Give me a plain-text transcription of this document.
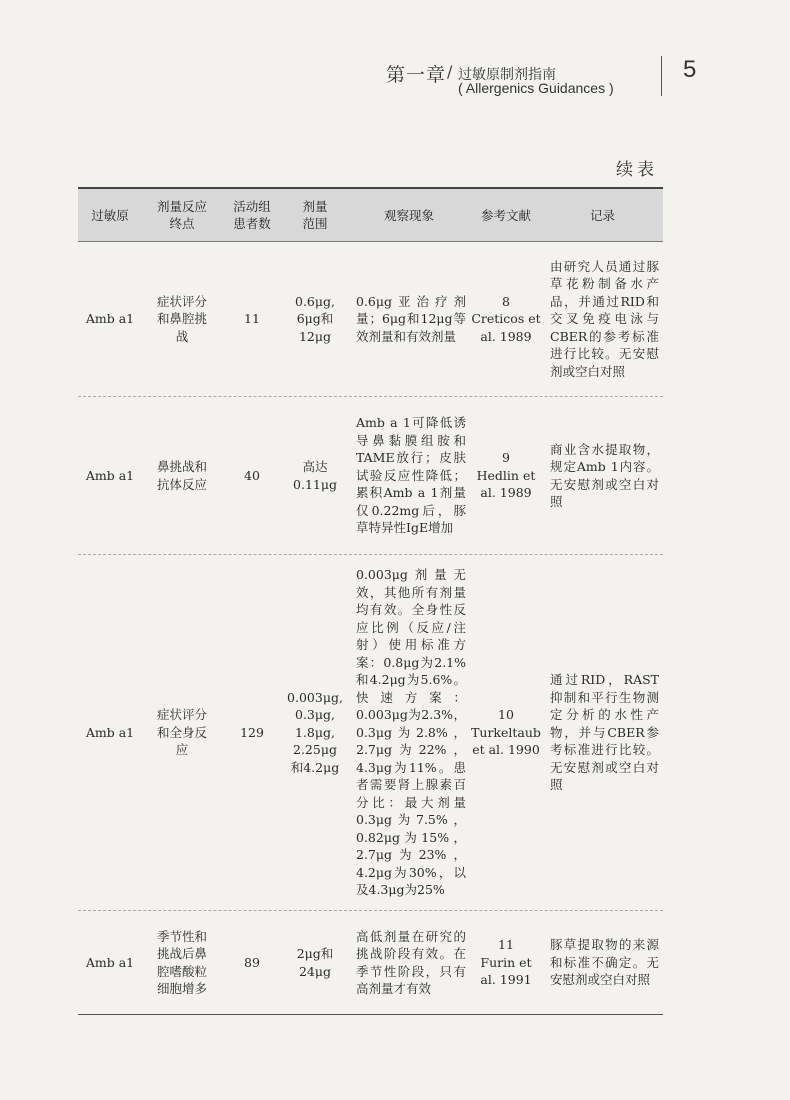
第一章 / 过敏原制剂指南
( Allergenics Guidances )
5
续表
过敏原
剂量反应
终点
活动组
患者数
剂量
范围
观察现象	参考文献	记录
Amb a1
症状评分
和鼻腔挑
战
11
0.6μg,
6μg和
12μg
0.6μg亚治疗剂量；6μg和12μg等效剂量和有效剂量
8
Creticos et
al. 1989
由研究人员通过豚草花粉制备水产品，并通过RID和交叉免疫电泳与CBER的参考标准进行比较。无安慰剂或空白对照
Amb a1
鼻挑战和
抗体反应
40
高达
0.11μg
Amb a 1可降低诱导鼻黏膜组胺和TAME放行；皮肤试验反应性降低；累积Amb a 1剂量仅0.22mg后，豚草特异性IgE增加
9
Hedlin et
al. 1989
商业含水提取物，规定Amb 1内容。无安慰剂或空白对照
Amb a1
症状评分
和全身反
应
129
0.003μg,
0.3μg,
1.8μg,
2.25μg
和4.2μg
0.003μg剂量无效，其他所有剂量均有效。全身性反应比例（反应/注射）使用标准方案：0.8μg为2.1%和4.2μg为5.6%。快速方案：0.003μg为2.3%，0.3μg为2.8%，2.7μg为22%，4.3μg为11%。患者需要肾上腺素百分比：最大剂量0.3μg为7.5%，0.82μg为15%，2.7μg为23%，4.2μg为30%，以及4.3μg为25%
10
Turkeltaub
et al. 1990
通过RID，RAST抑制和平行生物测定分析的水性产物，并与CBER参考标准进行比较。无安慰剂或空白对照
Amb a1
季节性和
挑战后鼻
腔嗜酸粒
细胞增多
89
2μg和
24μg
高低剂量在研究的挑战阶段有效。在季节性阶段，只有高剂量才有效
11
Furin et
al. 1991
豚草提取物的来源和标准不确定。无安慰剂或空白对照
